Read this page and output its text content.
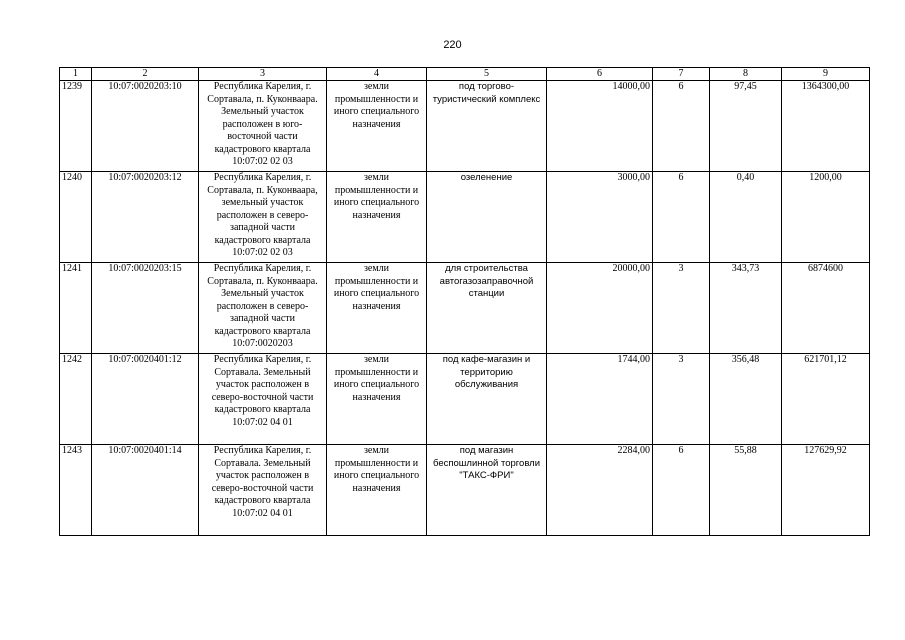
220
1	2	3	4	5	6	7	8	9
1239	10:07:0020203:10	Республика Карелия, г. Сортавала, п. Куконваара. Земельный участок расположен в юго-восточной части кадастрового квартала 10:07:02 02 03	земли промышленности и иного специального назначения	под торгово-туристический комплекс	14000,00	6	97,45	1364300,00
1240	10:07:0020203:12	Республика Карелия, г. Сортавала, п. Куконваара, земельный участок расположен в северо-западной части кадастрового квартала 10:07:02 02 03	земли промышленности и иного специального назначения	озеленение	3000,00	6	0,40	1200,00
1241	10:07:0020203:15	Республика Карелия, г. Сортавала, п. Куконваара. Земельный участок расположен в северо-западной части кадастрового квартала 10:07:0020203	земли промышленности и иного специального назначения	для строительства автогазозаправочной станции	20000,00	3	343,73	6874600
1242	10:07:0020401:12	Республика Карелия, г. Сортавала. Земельный участок расположен в северо-восточной части кадастрового квартала 10:07:02 04 01	земли промышленности и иного специального назначения	под кафе-магазин и территорию обслуживания	1744,00	3	356,48	621701,12
1243	10:07:0020401:14	Республика Карелия, г. Сортавала. Земельный участок расположен в северо-восточной части кадастрового квартала 10:07:02 04 01	земли промышленности и иного специального назначения	под магазин беспошлинной торговли "ТАКС-ФРИ"	2284,00	6	55,88	127629,92
